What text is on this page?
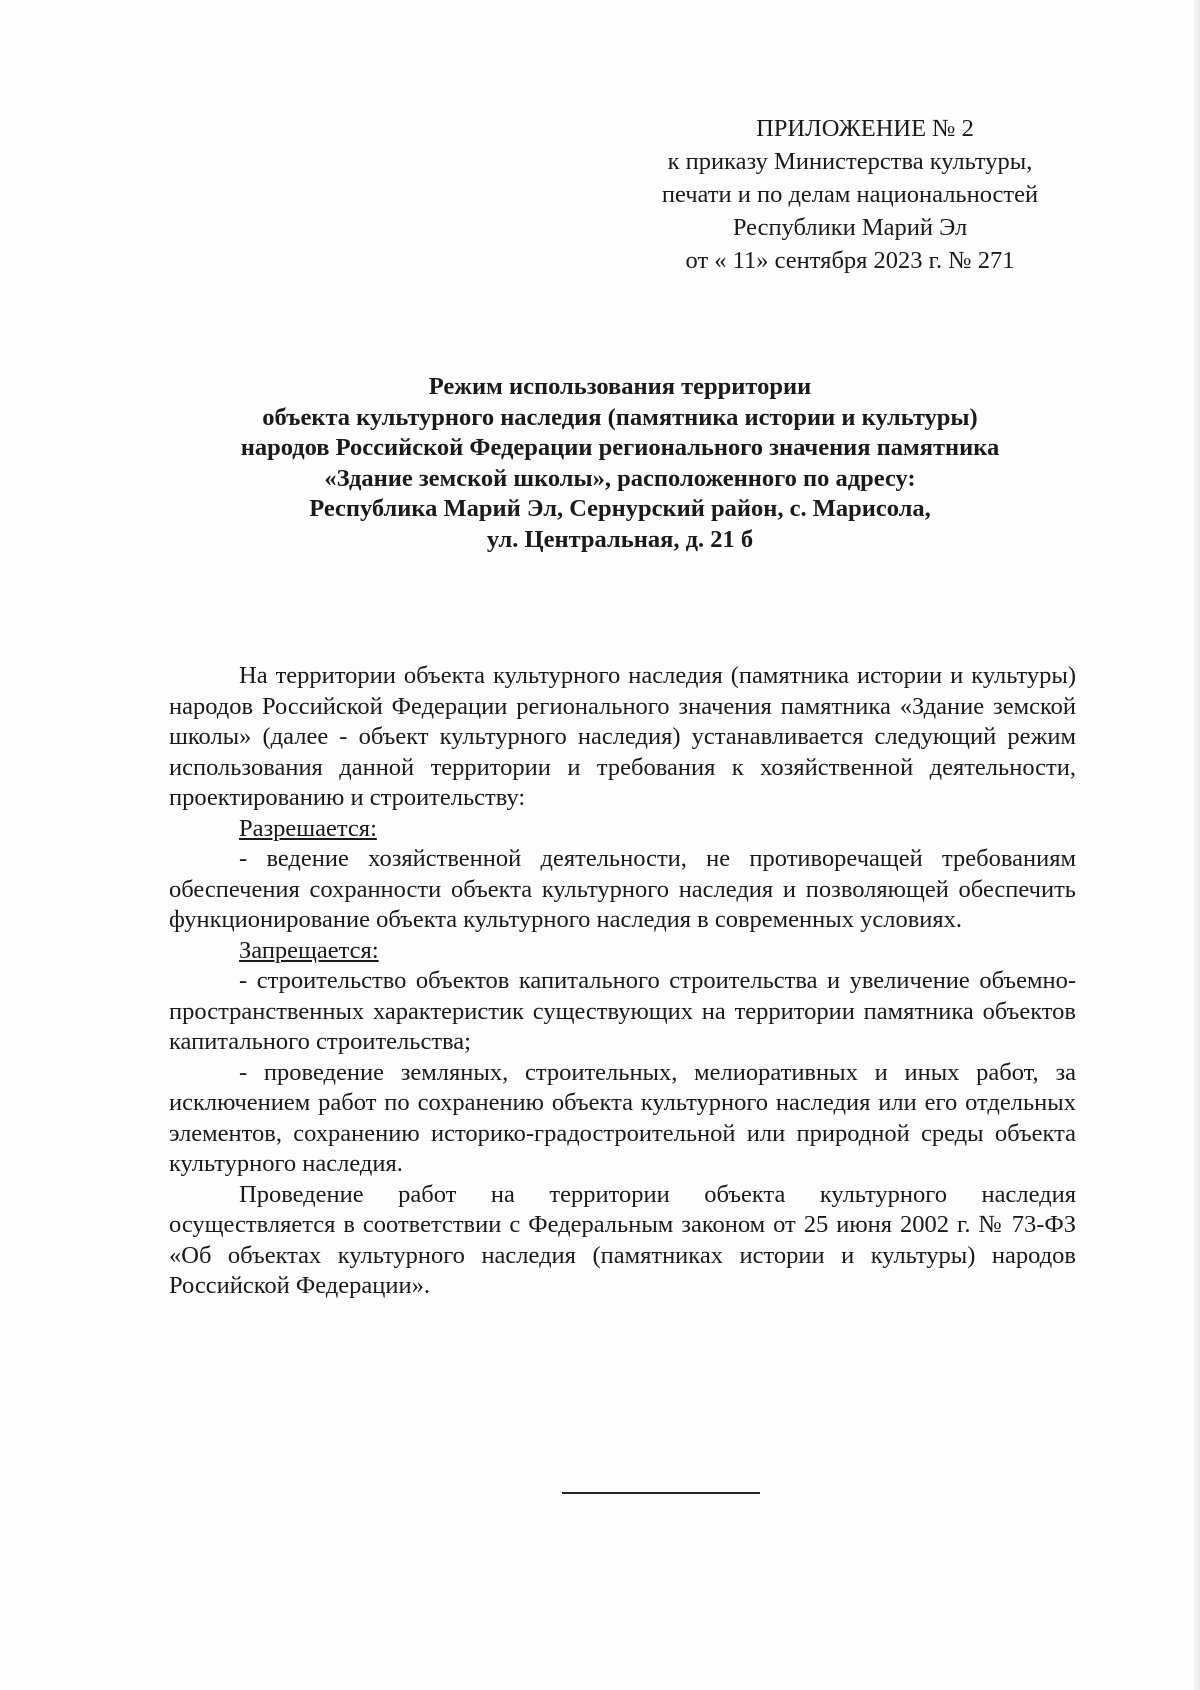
ПРИЛОЖЕНИЕ № 2
к приказу Министерства культуры,
печати и по делам национальностей
Республики Марий Эл
от « 11» сентября 2023 г. № 271
Режим использования территории
объекта культурного наследия (памятника истории и культуры)
народов Российской Федерации регионального значения памятника
«Здание земской школы», расположенного по адресу:
Республика Марий Эл, Сернурский район, с. Марисола,
ул. Центральная, д. 21 б

На территории объекта культурного наследия (памятника истории и культуры) народов Российской Федерации регионального значения памятника «Здание земской школы» (далее - объект культурного наследия) устанавливается следующий режим использования данной территории и требования к хозяйственной деятельности, проектированию и строительству:

Разрешается:

- ведение хозяйственной деятельности, не противоречащей требованиям обеспечения сохранности объекта культурного наследия и позволяющей обеспечить функционирование объекта культурного наследия в современных условиях.

Запрещается:

- строительство объектов капитального строительства и увеличение объемно-пространственных характеристик существующих на территории памятника объектов капитального строительства;

- проведение земляных, строительных, мелиоративных и иных работ, за исключением работ по сохранению объекта культурного наследия или его отдельных элементов, сохранению историко-градостроительной или природной среды объекта культурного наследия.

Проведение работ на территории объекта культурного наследия осуществляется в соответствии с Федеральным законом от 25 июня 2002 г. № 73-ФЗ «Об объектах культурного наследия (памятниках истории и культуры) народов Российской Федерации».
